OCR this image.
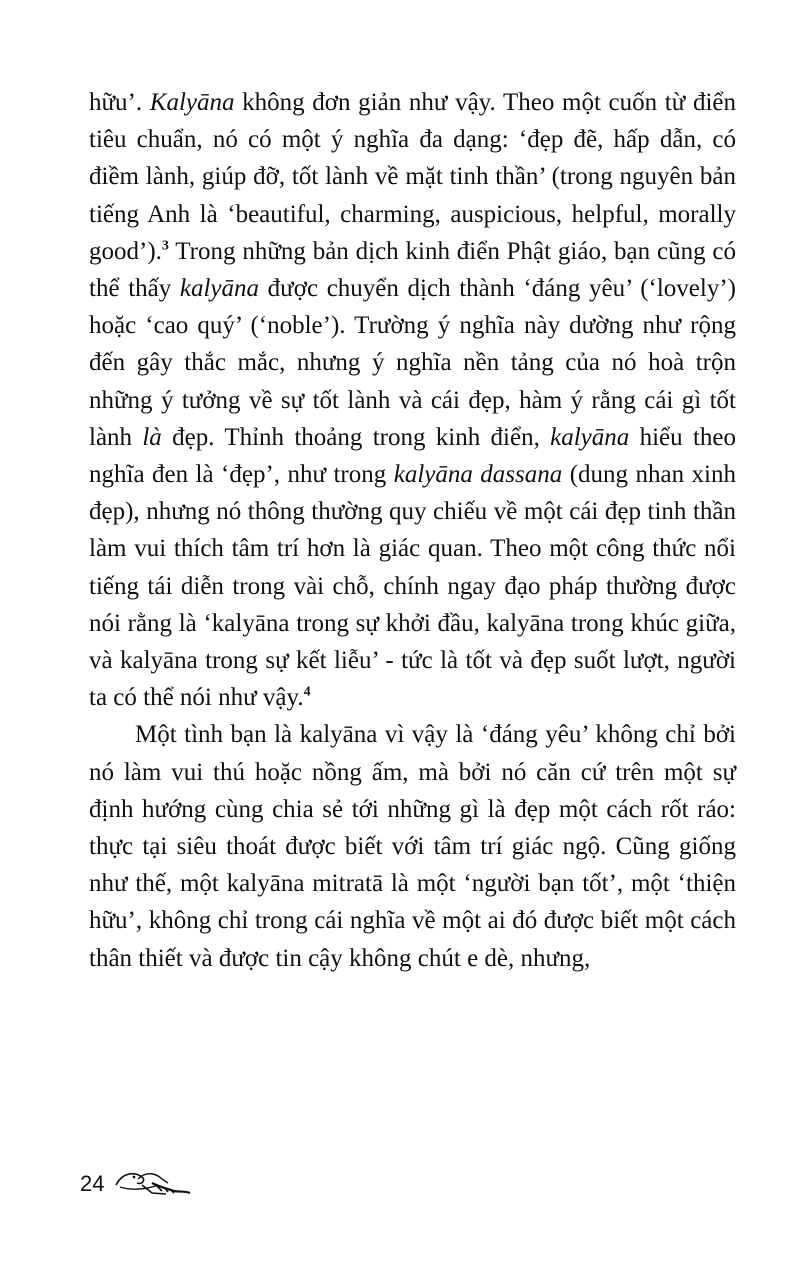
hữu’. Kalyāna không đơn giản như vậy. Theo một cuốn từ điển tiêu chuẩn, nó có một ý nghĩa đa dạng: ‘đẹp đẽ, hấp dẫn, có điềm lành, giúp đỡ, tốt lành về mặt tinh thần’ (trong nguyên bản tiếng Anh là ‘beautiful, charming, auspicious, helpful, morally good’).$^3$ Trong những bản dịch kinh điển Phật giáo, bạn cũng có thể thấy kalyāna được chuyển dịch thành ‘đáng yêu’ (‘lovely’) hoặc ‘cao quý’ (‘noble’). Trường ý nghĩa này dường như rộng đến gây thắc mắc, nhưng ý nghĩa nền tảng của nó hoà trộn những ý tưởng về sự tốt lành và cái đẹp, hàm ý rằng cái gì tốt lành là đẹp. Thỉnh thoảng trong kinh điển, kalyāna hiểu theo nghĩa đen là ‘đẹp’, như trong kalyāna dassana (dung nhan xinh đẹp), nhưng nó thông thường quy chiếu về một cái đẹp tinh thần làm vui thích tâm trí hơn là giác quan. Theo một công thức nổi tiếng tái diễn trong vài chỗ, chính ngay đạo pháp thường được nói rằng là ‘kalyāna trong sự khởi đầu, kalyāna trong khúc giữa, và kalyāna trong sự kết liễu’ - tức là tốt và đẹp suốt lượt, người ta có thể nói như vậy.$^4$

Một tình bạn là kalyāna vì vậy là ‘đáng yêu’ không chỉ bởi nó làm vui thú hoặc nồng ấm, mà bởi nó căn cứ trên một sự định hướng cùng chia sẻ tới những gì là đẹp một cách rốt ráo: thực tại siêu thoát được biết với tâm trí giác ngộ. Cũng giống như thế, một kalyāna mitratā là một ‘người bạn tốt’, một ‘thiện hữu’, không chỉ trong cái nghĩa về một ai đó được biết một cách thân thiết và được tin cậy không chút e dè, nhưng,

24
